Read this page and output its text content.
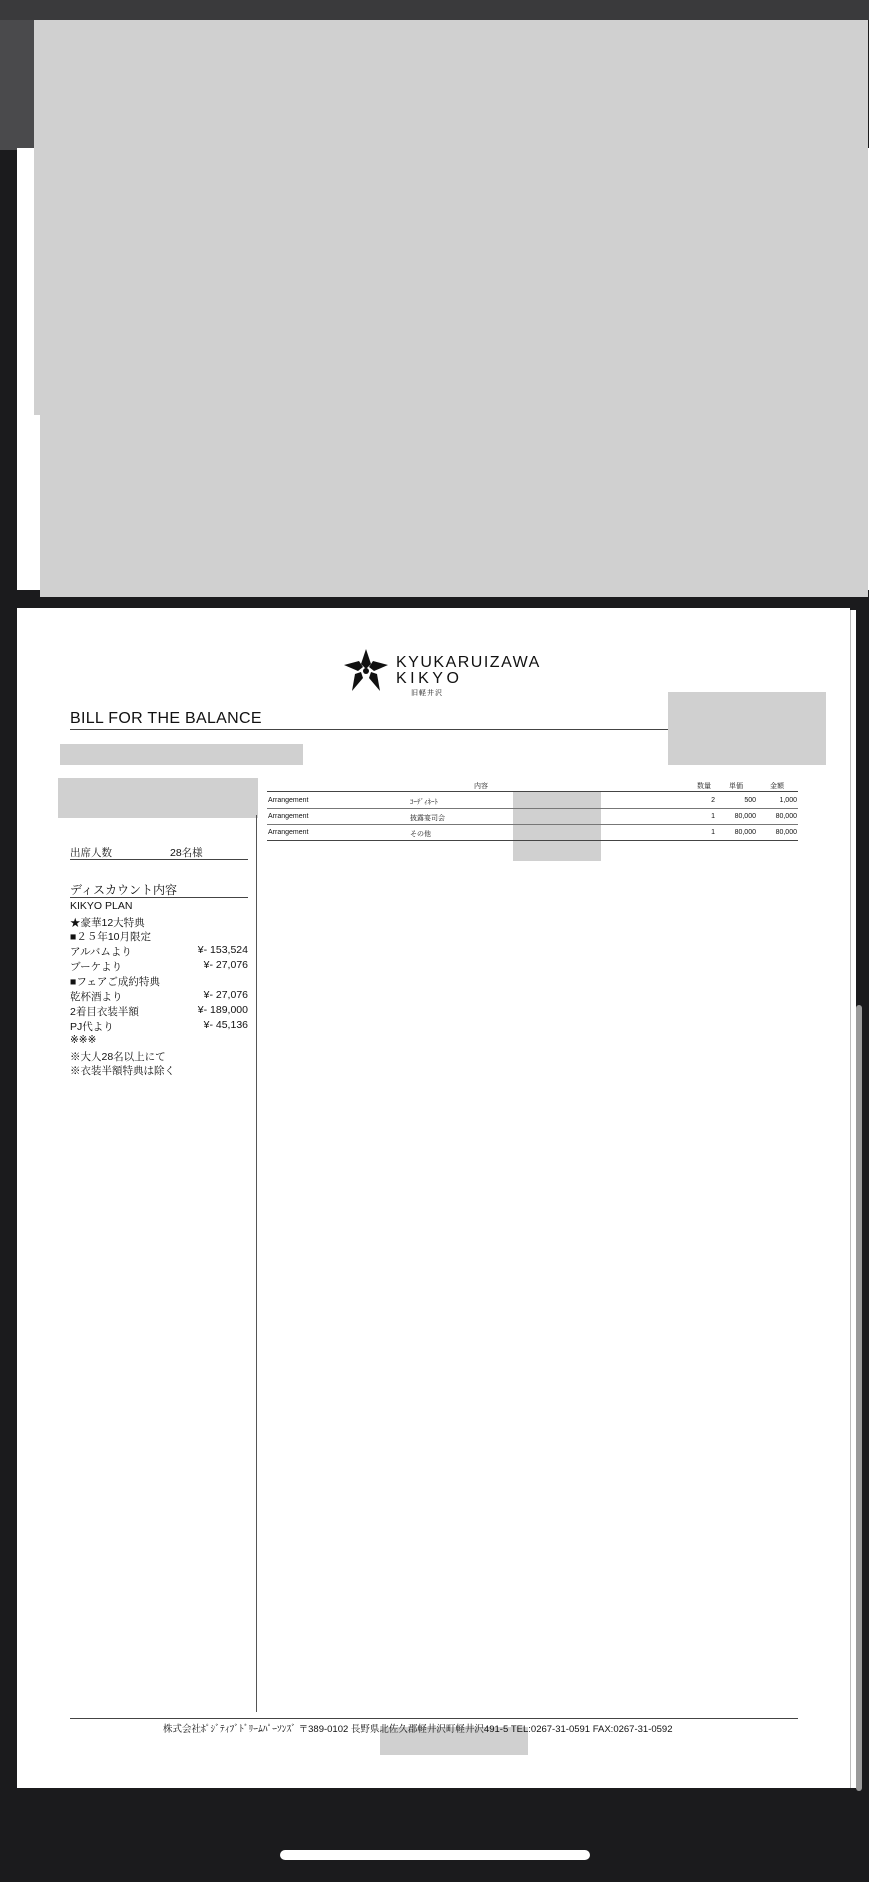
KYUKARUIZAWA
KIKYO
旧軽井沢
BILL FOR THE BALANCE
出席人数	28名様
ディスカウント内容
KIKYO PLAN
★豪華12大特典
■２５年10月限定
アルバムより	¥- 153,524
ブーケより	¥- 27,076
■フェアご成約特典
乾杯酒より	¥- 27,076
2着目衣装半額	¥- 189,000
PJ代より	¥- 45,136
※※※
※大人28名以上にて
※衣装半額特典は除く
内容	数量	単価	金額
Arrangement	ｺｰﾃﾞｨﾈｰﾄ	2	500	1,000
Arrangement	披露宴司会	1	80,000	80,000
Arrangement	その他	1	80,000	80,000
株式会社ﾎﾟｼﾞﾃｨﾌﾞﾄﾞﾘｰﾑﾊﾟｰｿﾝｽﾞ 〒389-0102 長野県北佐久郡軽井沢町軽井沢491-5 TEL:0267-31-0591 FAX:0267-31-0592
